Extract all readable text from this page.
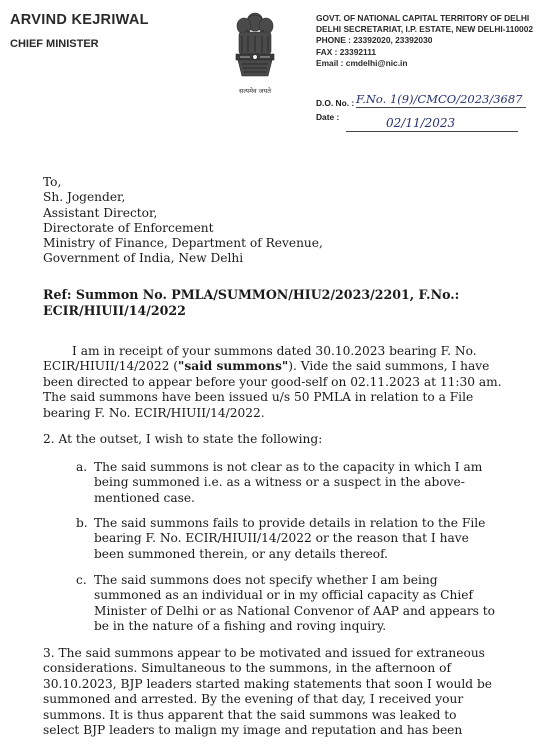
ARVIND KEJRIWAL
CHIEF MINISTER
सत्यमेव जयते
GOVT. OF NATIONAL CAPITAL TERRITORY OF DELHI
DELHI SECRETARIAT, I.P. ESTATE, NEW DELHI-110002
PHONE : 23392020, 23392030
FAX : 23392111
Email : cmdelhi@nic.in
D.O. No. : F.No. 1(9)/CMCO/2023/3687
Date :	02/11/2023
To,
Sh. Jogender,
Assistant Director,
Directorate of Enforcement
Ministry of Finance, Department of Revenue,
Government of India, New Delhi
Ref: Summon No. PMLA/SUMMON/HIU2/2023/2201, F.No.:
ECIR/HIUII/14/2022
I am in receipt of your summons dated 30.10.2023 bearing F. No.
ECIR/HIUII/14/2022 ("said summons"). Vide the said summons, I have
been directed to appear before your good-self on 02.11.2023 at 11:30 am.
The said summons have been issued u/s 50 PMLA in relation to a File
bearing F. No. ECIR/HIUII/14/2022.
2. At the outset, I wish to state the following:
a. The said summons is not clear as to the capacity in which I am
being summoned i.e. as a witness or a suspect in the above-
mentioned case.
b. The said summons fails to provide details in relation to the File
bearing F. No. ECIR/HIUII/14/2022 or the reason that I have
been summoned therein, or any details thereof.
c. The said summons does not specify whether I am being
summoned as an individual or in my official capacity as Chief
Minister of Delhi or as National Convenor of AAP and appears to
be in the nature of a fishing and roving inquiry.
3. The said summons appear to be motivated and issued for extraneous
considerations. Simultaneous to the summons, in the afternoon of
30.10.2023, BJP leaders started making statements that soon I would be
summoned and arrested. By the evening of that day, I received your
summons. It is thus apparent that the said summons was leaked to
select BJP leaders to malign my image and reputation and has been
